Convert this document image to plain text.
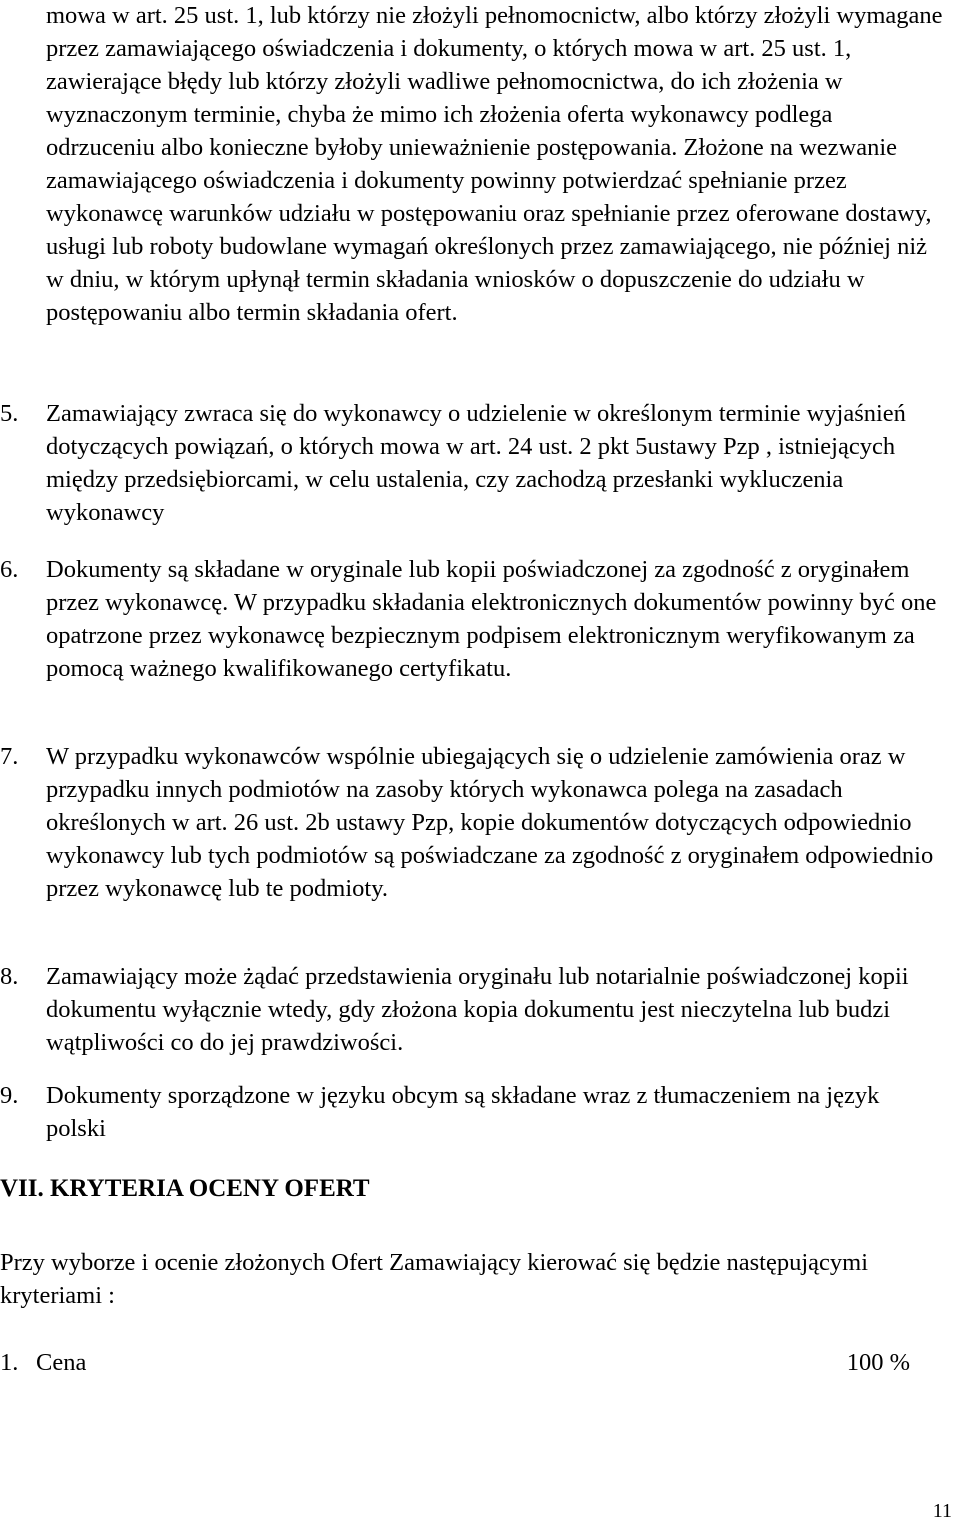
mowa w art. 25 ust. 1, lub którzy nie złożyli pełnomocnictw, albo którzy złożyli wymagane przez zamawiającego oświadczenia i dokumenty, o których mowa w art. 25 ust. 1, zawierające błędy lub którzy złożyli wadliwe pełnomocnictwa, do ich złożenia w wyznaczonym terminie, chyba że mimo ich złożenia oferta wykonawcy podlega odrzuceniu albo konieczne byłoby unieważnienie postępowania. Złożone na wezwanie zamawiającego oświadczenia i dokumenty powinny potwierdzać spełnianie przez wykonawcę warunków udziału w postępowaniu oraz spełnianie przez oferowane dostawy, usługi lub roboty budowlane wymagań określonych przez zamawiającego, nie później niż w dniu, w którym upłynął termin składania wniosków o dopuszczenie do udziału w postępowaniu albo termin składania ofert.

5.	Zamawiający zwraca się do wykonawcy o udzielenie w określonym terminie wyjaśnień dotyczących powiązań, o których mowa w art. 24 ust. 2 pkt 5ustawy Pzp , istniejących między przedsiębiorcami, w celu ustalenia, czy zachodzą przesłanki wykluczenia wykonawcy
6.	Dokumenty są składane w oryginale lub kopii poświadczonej za zgodność z oryginałem przez wykonawcę. W przypadku składania elektronicznych dokumentów powinny być one opatrzone przez wykonawcę bezpiecznym podpisem elektronicznym weryfikowanym za pomocą ważnego kwalifikowanego certyfikatu.
7.	W przypadku wykonawców wspólnie ubiegających się o udzielenie zamówienia oraz w przypadku innych podmiotów na zasoby których wykonawca polega na zasadach określonych w art. 26 ust. 2b ustawy Pzp, kopie dokumentów dotyczących odpowiednio wykonawcy lub tych podmiotów są poświadczane za zgodność z oryginałem odpowiednio przez wykonawcę lub te podmioty.
8.	Zamawiający może żądać przedstawienia oryginału lub notarialnie poświadczonej kopii dokumentu wyłącznie wtedy, gdy złożona kopia dokumentu jest nieczytelna lub budzi wątpliwości co do jej prawdziwości.
9.	Dokumenty sporządzone w języku obcym są składane wraz z tłumaczeniem na język polski
VII. KRYTERIA OCENY OFERT

Przy wyborze i ocenie złożonych Ofert Zamawiający kierować się będzie następującymi kryteriami :

1. Cena	100 %
11
